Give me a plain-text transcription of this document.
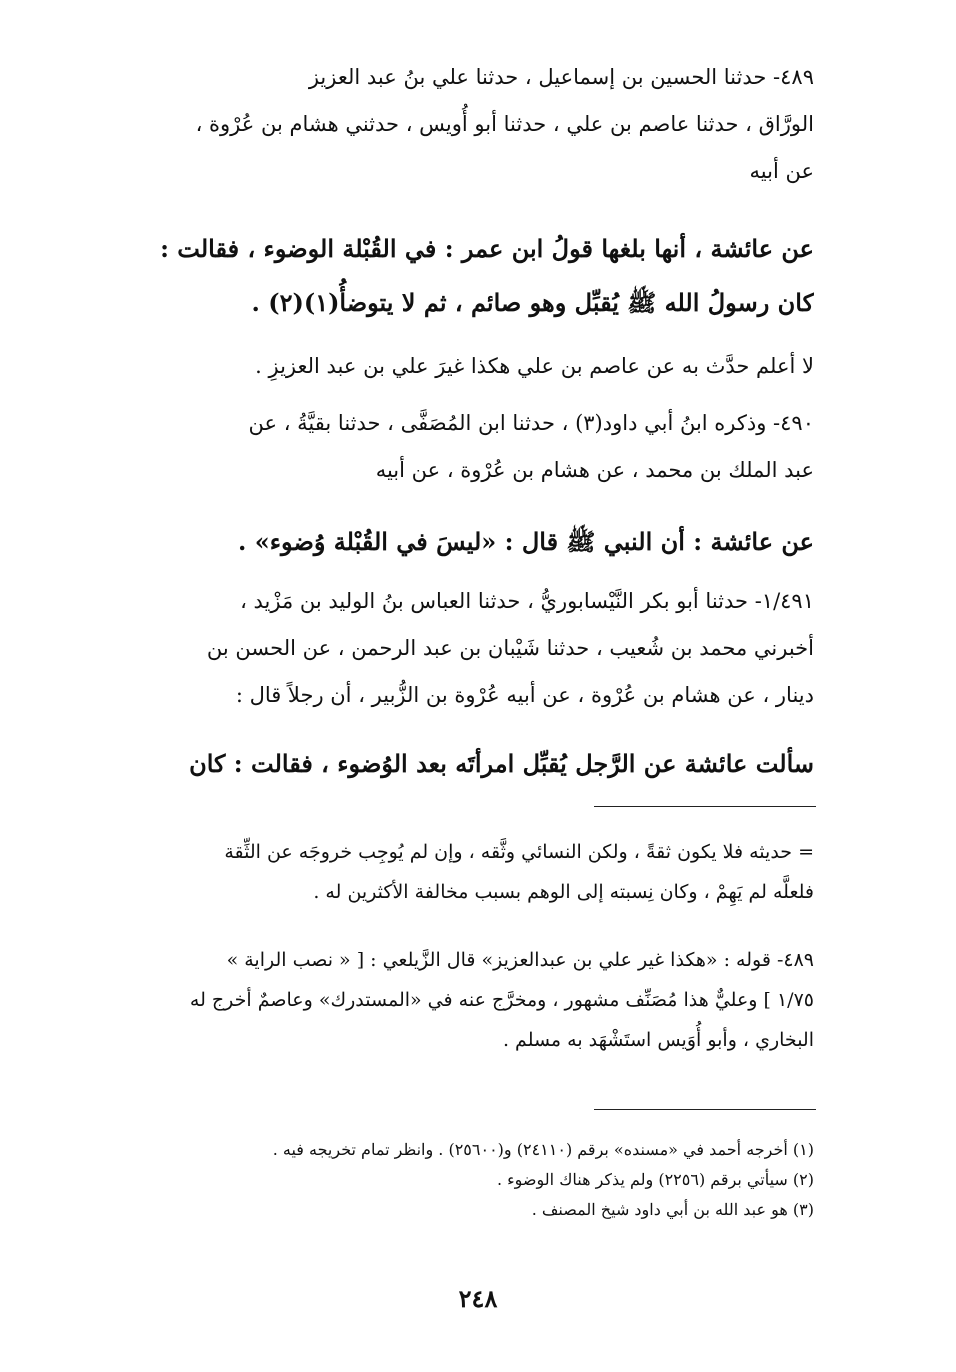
٤٨٩- حدثنا الحسين بن إسماعيل ، حدثنا علي بنُ عبد العزيز
الورَّاق ، حدثنا عاصم بن علي ، حدثنا أبو أُويس ، حدثني هشام بن عُرْوة ،
عن أبيه
عن عائشة ، أنها بلغها قولُ ابن عمر : في القُبْلة الوضوء ، فقالت :
كان رسولُ الله ﷺ يُقبِّل وهو صائم ، ثم لا يتوضأُ(١)(٢) .
لا أعلم حدَّث به عن عاصم بن علي هكذا غيرَ علي بن عبد العزيزِ .
٤٩٠- وذكره ابنُ أبي داود(٣) ، حدثنا ابن المُصَفَّى ، حدثنا بقيَّةُ ، عن
عبد الملك بن محمد ، عن هشام بن عُرْوة ، عن أبيه
عن عائشة : أن النبي ﷺ قال : «ليسَ في القُبْلة وُضوء» .
١/٤٩١- حدثنا أبو بكر النَّيْسابوريُّ ، حدثنا العباس بنُ الوليد بن مَزْيد ،
أخبرني محمد بن شُعيب ، حدثنا شَيْبان بن عبد الرحمن ، عن الحسن بن
دينار ، عن هشام بن عُرْوة ، عن أبيه عُرْوة بن الزُّبير ، أن رجلاً قال :
سألت عائشة عن الرَّجل يُقبِّل امرأتَه بعد الوُضوء ، فقالت : كان
= حديثه فلا يكون ثقةً ، ولكن النسائي وثَّقه ، وإن لم يُوجِب خروجَه عن الثِّقة
فلعلَّه لم يَهِمْ ، وكان نِسبته إلى الوهم بسبب مخالفة الأكثرين له .
٤٨٩- قوله : «هكذا غير علي بن عبدالعزيز» قال الزَّيلعي : [ « نصب الراية »
١/٧٥ ] وعليٌّ هذا مُصَنِّف مشهور ، ومخرَّج عنه في «المستدرك» وعاصمٌ أخرج له
البخاري ، وأبو أُوَيس استَشْهَد به مسلم .
(١) أخرجه أحمد في «مسنده» برقم (٢٤١١٠) و(٢٥٦٠٠) . وانظر تمام تخريجه فيه .
(٢) سيأتي برقم (٢٢٥٦) ولم يذكر هناك الوضوء .
(٣) هو عبد الله بن أبي داود شيخ المصنف .
٢٤٨
